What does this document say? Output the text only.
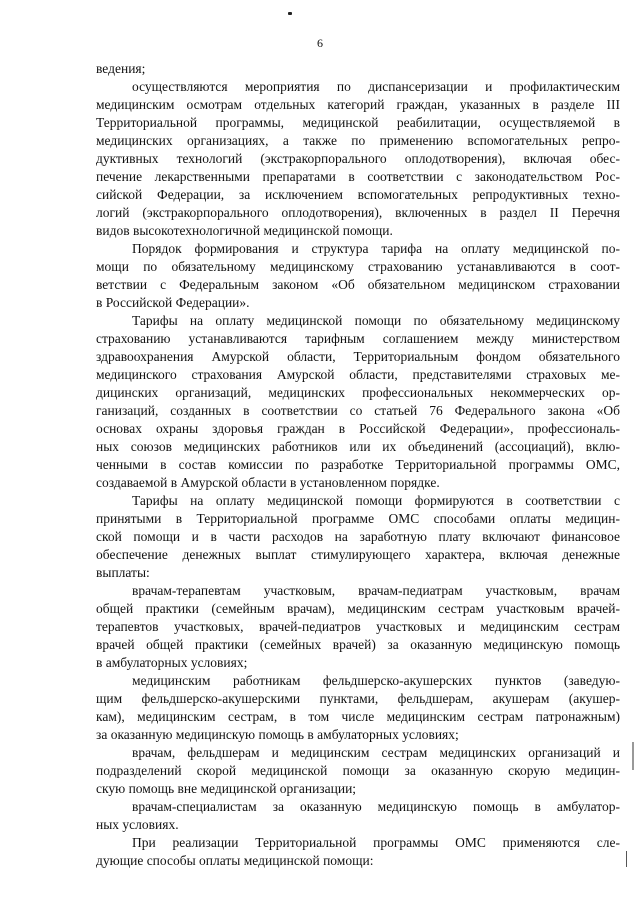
6

ведения;

осуществляются мероприятия по диспансеризации и профилактическим
медицинским осмотрам отдельных категорий граждан, указанных в разделе III
Территориальной программы, медицинской реабилитации, осуществляемой в
медицинских организациях, а также по применению вспомогательных репро-
дуктивных технологий (экстракорпорального оплодотворения), включая обес-
печение лекарственными препаратами в соответствии с законодательством Рос-
сийской Федерации, за исключением вспомогательных репродуктивных техно-
логий (экстракорпорального оплодотворения), включенных в раздел II Перечня
видов высокотехнологичной медицинской помощи.

Порядок формирования и структура тарифа на оплату медицинской по-
мощи по обязательному медицинскому страхованию устанавливаются в соот-
ветствии с Федеральным законом «Об обязательном медицинском страховании
в Российской Федерации».

Тарифы на оплату медицинской помощи по обязательному медицинскому
страхованию устанавливаются тарифным соглашением между министерством
здравоохранения Амурской области, Территориальным фондом обязательного
медицинского страхования Амурской области, представителями страховых ме-
дицинских организаций, медицинских профессиональных некоммерческих ор-
ганизаций, созданных в соответствии со статьей 76 Федерального закона «Об
основах охраны здоровья граждан в Российской Федерации», профессиональ-
ных союзов медицинских работников или их объединений (ассоциаций), вклю-
ченными в состав комиссии по разработке Территориальной программы ОМС,
создаваемой в Амурской области в установленном порядке.

Тарифы на оплату медицинской помощи формируются в соответствии с
принятыми в Территориальной программе ОМС способами оплаты медицин-
ской помощи и в части расходов на заработную плату включают финансовое
обеспечение денежных выплат стимулирующего характера, включая денежные
выплаты:

врачам-терапевтам участковым, врачам-педиатрам участковым, врачам
общей практики (семейным врачам), медицинским сестрам участковым врачей-
терапевтов участковых, врачей-педиатров участковых и медицинским сестрам
врачей общей практики (семейных врачей) за оказанную медицинскую помощь
в амбулаторных условиях;

медицинским работникам фельдшерско-акушерских пунктов (заведую-
щим фельдшерско-акушерскими пунктами, фельдшерам, акушерам (акушер-
кам), медицинским сестрам, в том числе медицинским сестрам патронажным)
за оказанную медицинскую помощь в амбулаторных условиях;

врачам, фельдшерам и медицинским сестрам медицинских организаций и
подразделений скорой медицинской помощи за оказанную скорую медицин-
скую помощь вне медицинской организации;

врачам-специалистам за оказанную медицинскую помощь в амбулатор-
ных условиях.

При реализации Территориальной программы ОМС применяются сле-
дующие способы оплаты медицинской помощи:
